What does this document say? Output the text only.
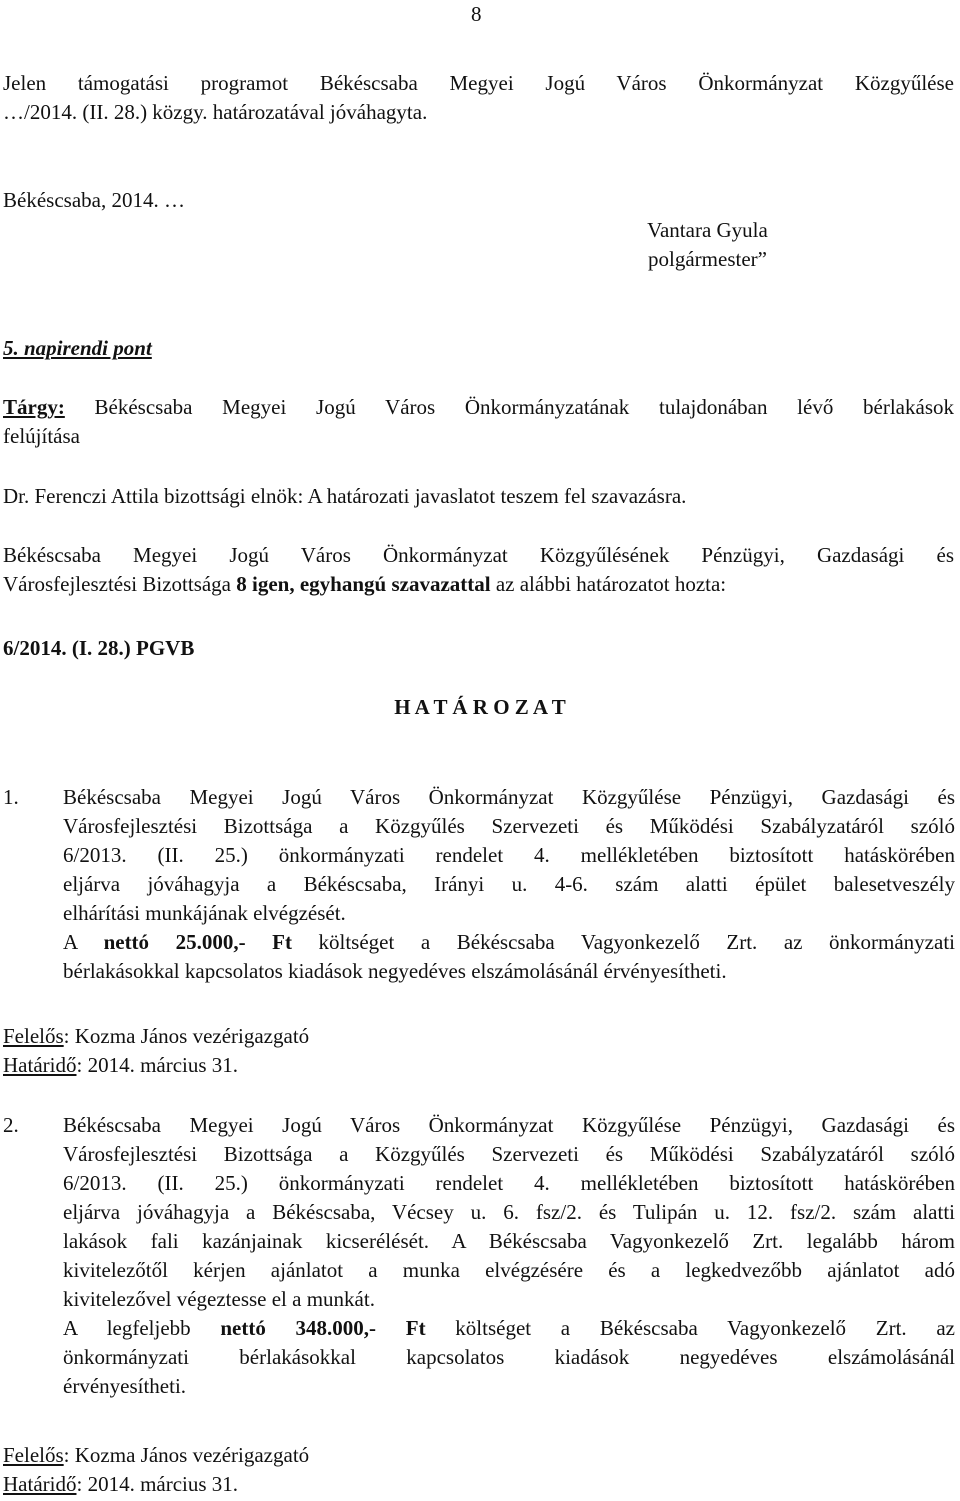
8
Jelen támogatási programot Békéscsaba Megyei Jogú Város Önkormányzat Közgyűlése
…/2014. (II. 28.) közgy. határozatával jóváhagyta.
Békéscsaba, 2014. …
Vantara Gyula
polgármester”
5. napirendi pont
Tárgy: Békéscsaba Megyei Jogú Város Önkormányzatának tulajdonában lévő bérlakások
felújítása
Dr. Ferenczi Attila bizottsági elnök: A határozati javaslatot teszem fel szavazásra.
Békéscsaba Megyei Jogú Város Önkormányzat Közgyűlésének Pénzügyi, Gazdasági és
Városfejlesztési Bizottsága 8 igen, egyhangú szavazattal az alábbi határozatot hozta:
6/2014. (I. 28.) PGVB
H A T Á R O Z A T
1. Békéscsaba Megyei Jogú Város Önkormányzat Közgyűlése Pénzügyi, Gazdasági és
Városfejlesztési Bizottsága a Közgyűlés Szervezeti és Működési Szabályzatáról szóló
6/2013. (II. 25.) önkormányzati rendelet 4. mellékletében biztosított hatáskörében
eljárva jóváhagyja a Békéscsaba, Irányi u. 4-6. szám alatti épület balesetveszély
elhárítási munkájának elvégzését.
A nettó 25.000,- Ft költséget a Békéscsaba Vagyonkezelő Zrt. az önkormányzati
bérlakásokkal kapcsolatos kiadások negyedéves elszámolásánál érvényesítheti.
Felelős: Kozma János vezérigazgató
Határidő: 2014. március 31.
2. Békéscsaba Megyei Jogú Város Önkormányzat Közgyűlése Pénzügyi, Gazdasági és
Városfejlesztési Bizottsága a Közgyűlés Szervezeti és Működési Szabályzatáról szóló
6/2013. (II. 25.) önkormányzati rendelet 4. mellékletében biztosított hatáskörében
eljárva jóváhagyja a Békéscsaba, Vécsey u. 6. fsz/2. és Tulipán u. 12. fsz/2. szám alatti
lakások fali kazánjainak kicserélését. A Békéscsaba Vagyonkezelő Zrt. legalább három
kivitelezőtől kérjen ajánlatot a munka elvégzésére és a legkedvezőbb ajánlatot adó
kivitelezővel végeztesse el a munkát.
A legfeljebb nettó 348.000,- Ft költséget a Békéscsaba Vagyonkezelő Zrt. az
önkormányzati bérlakásokkal kapcsolatos kiadások negyedéves elszámolásánál
érvényesítheti.
Felelős: Kozma János vezérigazgató
Határidő: 2014. március 31.
